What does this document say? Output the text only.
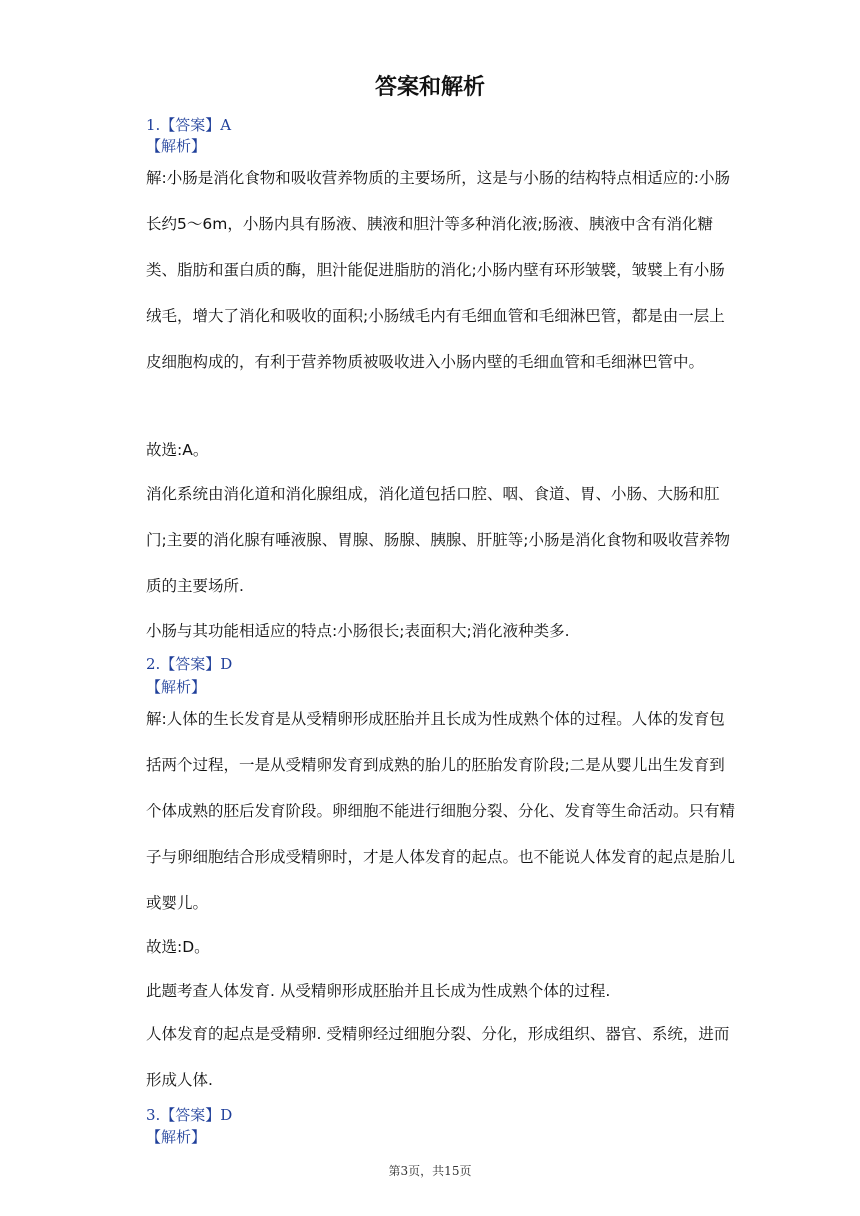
答案和解析
1.【答案】A
【解析】

解:小肠是消化食物和吸收营养物质的主要场所，这是与小肠的结构特点相适应的:小肠长约5～6m，小肠内具有肠液、胰液和胆汁等多种消化液;肠液、胰液中含有消化糖类、脂肪和蛋白质的酶，胆汁能促进脂肪的消化;小肠内壁有环形皱襞，皱襞上有小肠绒毛，增大了消化和吸收的面积;小肠绒毛内有毛细血管和毛细淋巴管，都是由一层上皮细胞构成的，有利于营养物质被吸收进入小肠内壁的毛细血管和毛细淋巴管中。

故选:A。

消化系统由消化道和消化腺组成，消化道包括口腔、咽、食道、胃、小肠、大肠和肛门;主要的消化腺有唾液腺、胃腺、肠腺、胰腺、肝脏等;小肠是消化食物和吸收营养物质的主要场所.

小肠与其功能相适应的特点:小肠很长;表面积大;消化液种类多.
2.【答案】D
【解析】

解:人体的生长发育是从受精卵形成胚胎并且长成为性成熟个体的过程。人体的发育包括两个过程，一是从受精卵发育到成熟的胎儿的胚胎发育阶段;二是从婴儿出生发育到个体成熟的胚后发育阶段。卵细胞不能进行细胞分裂、分化、发育等生命活动。只有精子与卵细胞结合形成受精卵时，才是人体发育的起点。也不能说人体发育的起点是胎儿或婴儿。

故选:D。
此题考查人体发育. 从受精卵形成胚胎并且长成为性成熟个体的过程.

人体发育的起点是受精卵. 受精卵经过细胞分裂、分化，形成组织、器官、系统，进而形成人体.

3.【答案】D
【解析】
第3页，共15页
